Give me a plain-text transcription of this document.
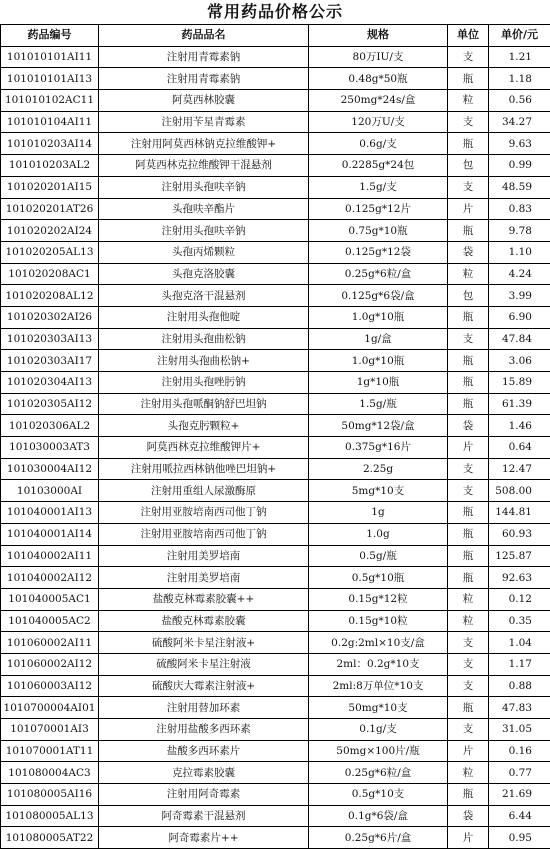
常用药品价格公示
药品编号	药品品名	规格	单位	单价/元
101010101AI11	注射用青霉素钠	80万IU/支	支	1.21
101010101AI13	注射用青霉素钠	0.48g*50瓶	瓶	1.18
101010102AC11	阿莫西林胶囊	250mg*24s/盒	粒	0.56
101010104AI11	注射用苄星青霉素	120万U/支	支	34.27
101010203AI14	注射用阿莫西林钠克拉维酸钾+	0.6g/支	瓶	9.63
101010203AL2	阿莫西林克拉维酸钾干混悬剂	0.2285g*24包	包	0.99
101020201AI15	注射用头孢呋辛钠	1.5g/支	支	48.59
101020201AT26	头孢呋辛酯片	0.125g*12片	片	0.83
101020202AI24	注射用头孢呋辛钠	0.75g*10瓶	瓶	9.78
101020205AL13	头孢丙烯颗粒	0.125g*12袋	袋	1.10
101020208AC1	头孢克洛胶囊	0.25g*6粒/盒	粒	4.24
101020208AL12	头孢克洛干混悬剂	0.125g*6袋/盒	包	3.99
101020302AI26	注射用头孢他啶	1.0g*10瓶	瓶	6.90
101020303AI13	注射用头孢曲松钠	1g/盒	支	47.84
101020303AI17	注射用头孢曲松钠+	1.0g*10瓶	瓶	3.06
101020304AI13	注射用头孢唑肟钠	1g*10瓶	瓶	15.89
101020305AI12	注射用头孢哌酮钠舒巴坦钠	1.5g/瓶	瓶	61.39
101020306AL2	头孢克肟颗粒+	50mg*12袋/盒	袋	1.46
101030003AT3	阿莫西林克拉维酸钾片+	0.375g*16片	片	0.64
101030004AI12	注射用哌拉西林钠他唑巴坦钠+	2.25g	支	12.47
10103000AI	注射用重组人尿激酶原	5mg*10支	支	508.00
101040001AI13	注射用亚胺培南西司他丁钠	1g	瓶	144.81
101040001AI14	注射用亚胺培南西司他丁钠	1.0g	瓶	60.93
101040002AI11	注射用美罗培南	0.5g/瓶	瓶	125.87
101040002AI12	注射用美罗培南	0.5g*10瓶	瓶	92.63
101040005AC1	盐酸克林霉素胶囊++	0.15g*12粒	粒	0.12
101040005AC2	盐酸克林霉素胶囊	0.15g*10粒	粒	0.35
101060002AI11	硫酸阿米卡星注射液+	0.2g:2ml×10支/盒	支	1.04
101060002AI12	硫酸阿米卡星注射液	2ml：0.2g*10支	支	1.17
101060003AI12	硫酸庆大霉素注射液+	2ml:8万单位*10支	支	0.88
1010700004AI01	注射用替加环素	50mg*10支	瓶	47.83
101070001AI3	注射用盐酸多西环素	0.1g/支	支	31.05
101070001AT11	盐酸多西环素片	50mg×100片/瓶	片	0.16
101080004AC3	克拉霉素胶囊	0.25g*6粒/盒	粒	0.77
101080005AI16	注射用阿奇霉素	0.5g*10支	瓶	21.69
101080005AL13	阿奇霉素干混悬剂	0.1g*6袋/盒	袋	6.44
101080005AT22	阿奇霉素片++	0.25g*6片/盒	片	0.95
